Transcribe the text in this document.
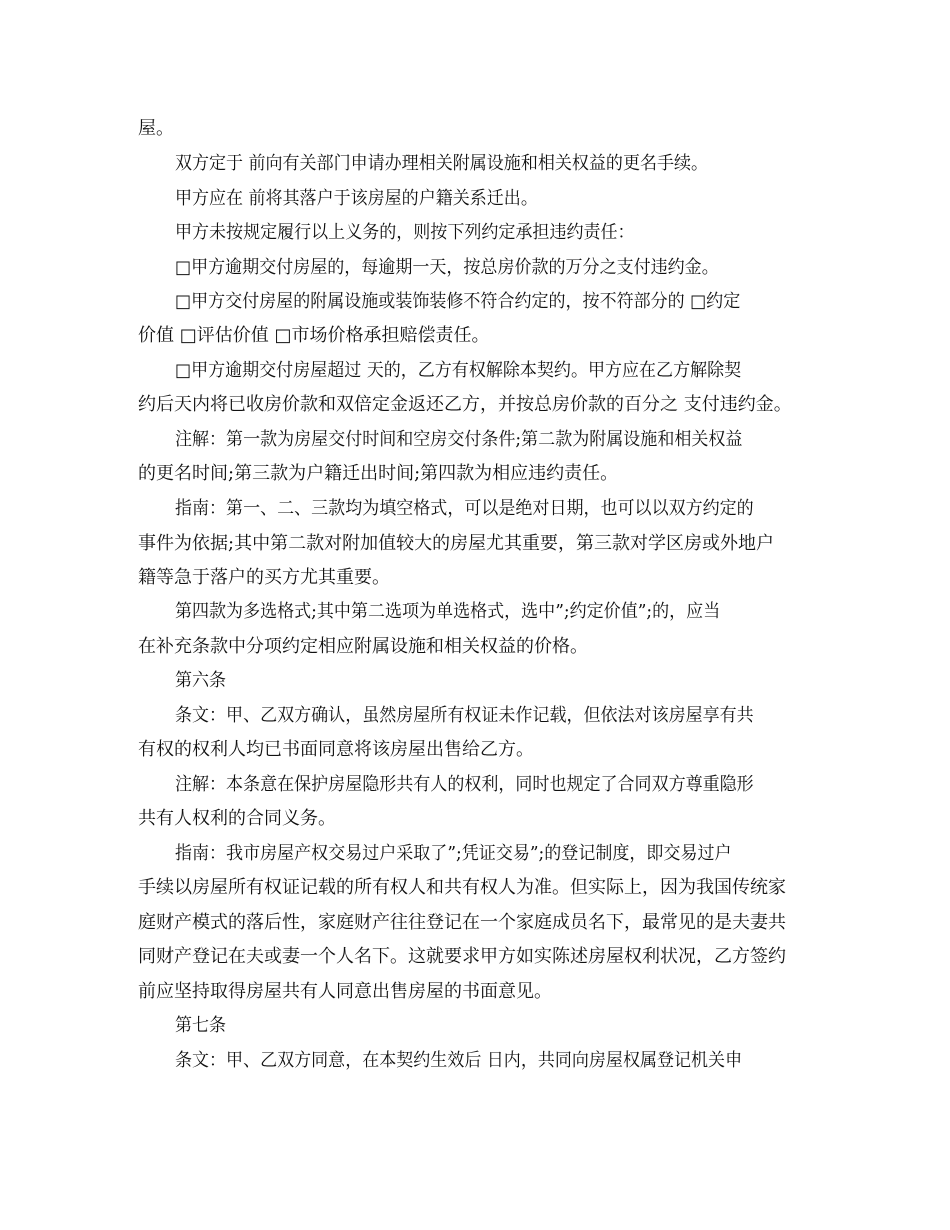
屋。
双方定于 前向有关部门申请办理相关附属设施和相关权益的更名手续。
甲方应在 前将其落户于该房屋的户籍关系迁出。
甲方未按规定履行以上义务的，则按下列约定承担违约责任：
□甲方逾期交付房屋的，每逾期一天，按总房价款的万分之支付违约金。
□甲方交付房屋的附属设施或装饰装修不符合约定的，按不符部分的 □约定
价值 □评估价值 □市场价格承担赔偿责任。
□甲方逾期交付房屋超过 天的，乙方有权解除本契约。甲方应在乙方解除契
约后天内将已收房价款和双倍定金返还乙方，并按总房价款的百分之 支付违约金。
注解：第一款为房屋交付时间和空房交付条件;第二款为附属设施和相关权益
的更名时间;第三款为户籍迁出时间;第四款为相应违约责任。
指南：第一、二、三款均为填空格式，可以是绝对日期，也可以以双方约定的
事件为依据;其中第二款对附加值较大的房屋尤其重要，第三款对学区房或外地户
籍等急于落户的买方尤其重要。
第四款为多选格式;其中第二选项为单选格式，选中”;约定价值”;的，应当
在补充条款中分项约定相应附属设施和相关权益的价格。
第六条
条文：甲、乙双方确认，虽然房屋所有权证未作记载，但依法对该房屋享有共
有权的权利人均已书面同意将该房屋出售给乙方。
注解：本条意在保护房屋隐形共有人的权利，同时也规定了合同双方尊重隐形
共有人权利的合同义务。
指南：我市房屋产权交易过户采取了”;凭证交易”;的登记制度，即交易过户
手续以房屋所有权证记载的所有权人和共有权人为准。但实际上，因为我国传统家
庭财产模式的落后性，家庭财产往往登记在一个家庭成员名下，最常见的是夫妻共
同财产登记在夫或妻一个人名下。这就要求甲方如实陈述房屋权利状况，乙方签约
前应坚持取得房屋共有人同意出售房屋的书面意见。
第七条
条文：甲、乙双方同意，在本契约生效后 日内，共同向房屋权属登记机关申
